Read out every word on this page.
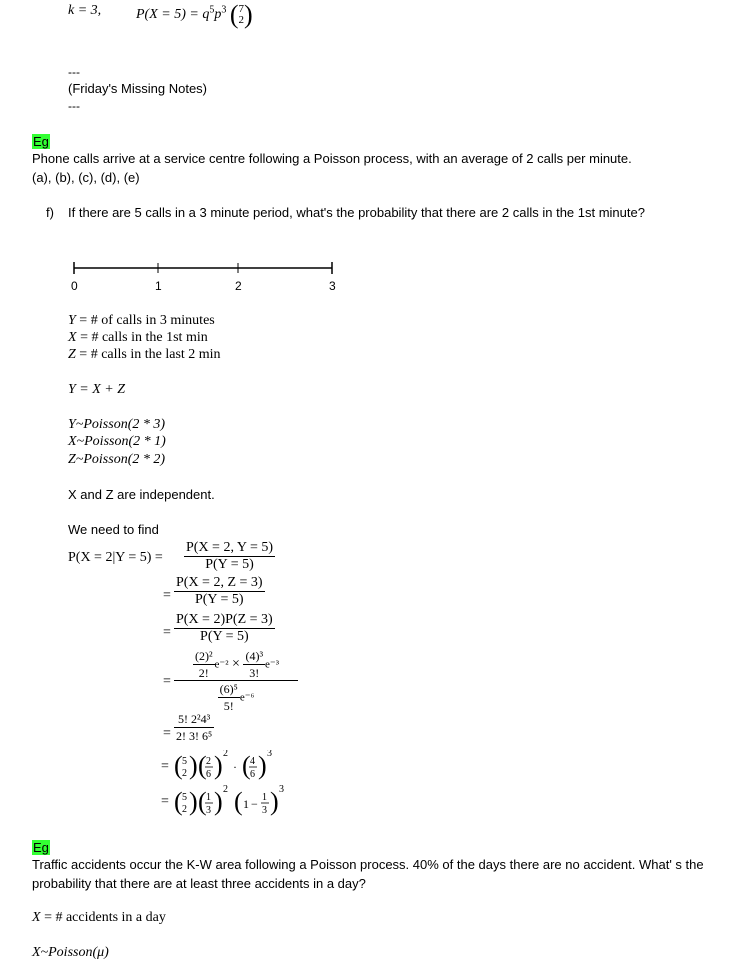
k = 3, $P(X = 5) = q^5p^3$ ( 7
2 )
---
(Friday's Missing Notes)
---
Eg
Phone calls arrive at a service centre following a Poisson process, with an average of 2 calls per minute.
(a), (b), (c), (d), (e)
f) If there are 5 calls in a 3 minute period, what's the probability that there are 2 calls in the 1st minute?
0	1	2	3
Y = # of calls in 3 minutes
X = # calls in the 1st min
Z = # calls in the last 2 min
Y = X + Z
Y~Poisson(2 * 3)
X~Poisson(2 * 1)
Z~Poisson(2 * 2)
X and Z are independent.
We need to find
$P(X = 2|Y = 5) = \frac{P(X = 2, Y = 5)}{P(Y = 5)}$
= $\frac{P(X = 2, Z = 3)}{P(Y = 5)}$
= $\frac{P(X = 2)P(Z = 3)}{P(Y = 5)}$
= $\frac{\frac{\text{(2)²}}{2!} e^{-2} \times \frac{\text{(4)³}}{3!} e^{-3}}{\frac{\text{(6)⁵}}{5!} e^{-6}}$
= $\frac{\text{5! 2²4³}}{\text{2! 3! 6⁵}}$
= ( 5
2 ) ( 2
6 ) 2
· ( 4
6 ) 3
= ( 5
2 ) ( 1
3 ) 2 ( 1 − 1
3 ) 3
Eg
Traffic accidents occur the K-W area following a Poisson process. 40% of the days there are no accident. What' s the
probability that there are at least three accidents in a day?
X = # accidents in a day
X~Poisson(μ)
